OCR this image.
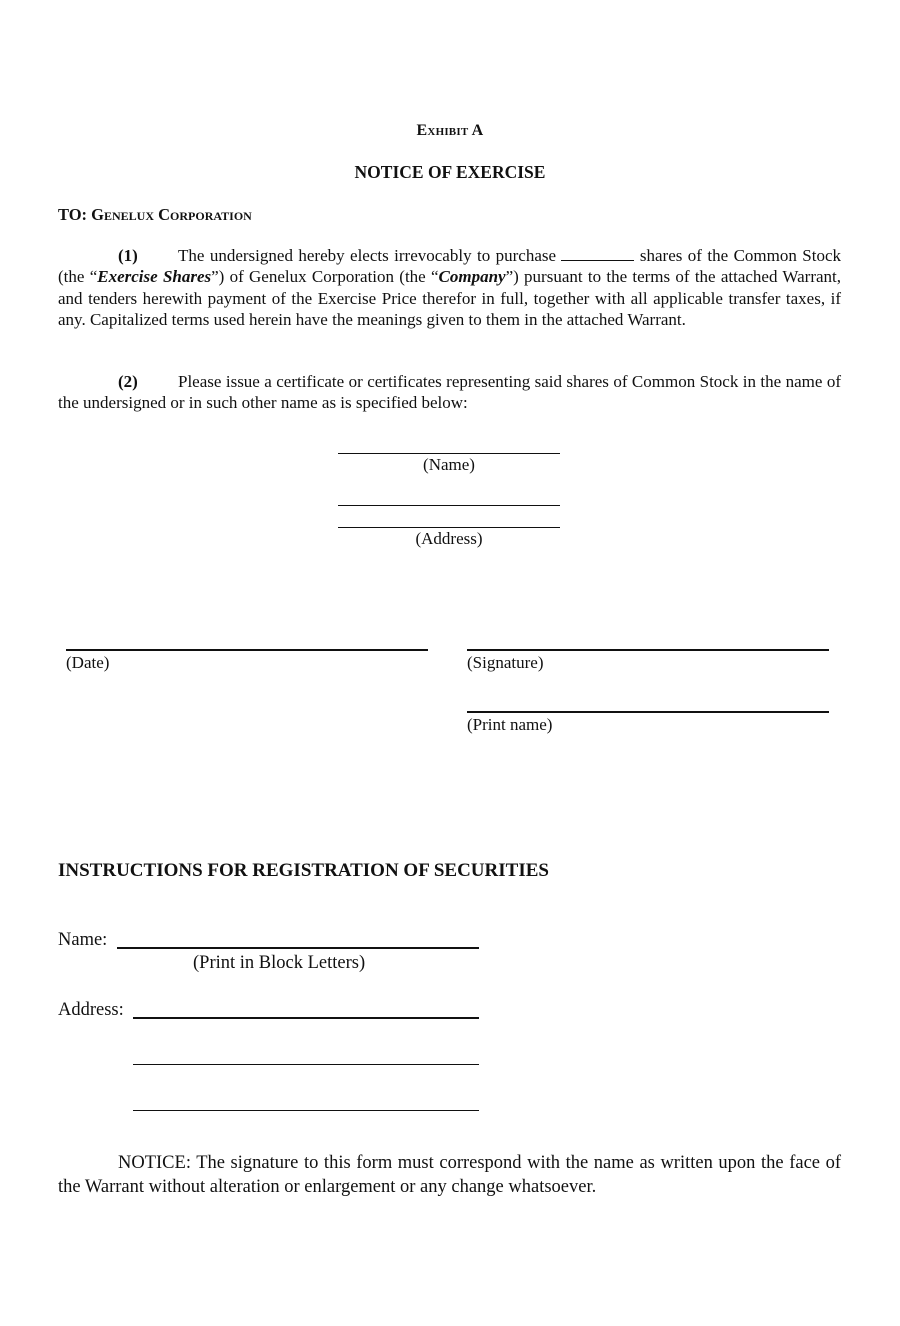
Exhibit A
NOTICE OF EXERCISE
TO: Genelux Corporation
(1) The undersigned hereby elects irrevocably to purchase	shares of the Common Stock (the “Exercise Shares”) of Genelux Corporation (the “Company”) pursuant to the terms of the attached Warrant, and tenders herewith payment of the Exercise Price therefor in full, together with all applicable transfer taxes, if any. Capitalized terms used herein have the meanings given to them in the attached Warrant.
(2) Please issue a certificate or certificates representing said shares of Common Stock in the name of the undersigned or in such other name as is specified below:
(Name)
(Address)
(Date)	(Signature)
(Print name)
INSTRUCTIONS FOR REGISTRATION OF SECURITIES
Name:
(Print in Block Letters)
Address:
NOTICE: The signature to this form must correspond with the name as written upon the face of the Warrant without alteration or enlargement or any change whatsoever.
